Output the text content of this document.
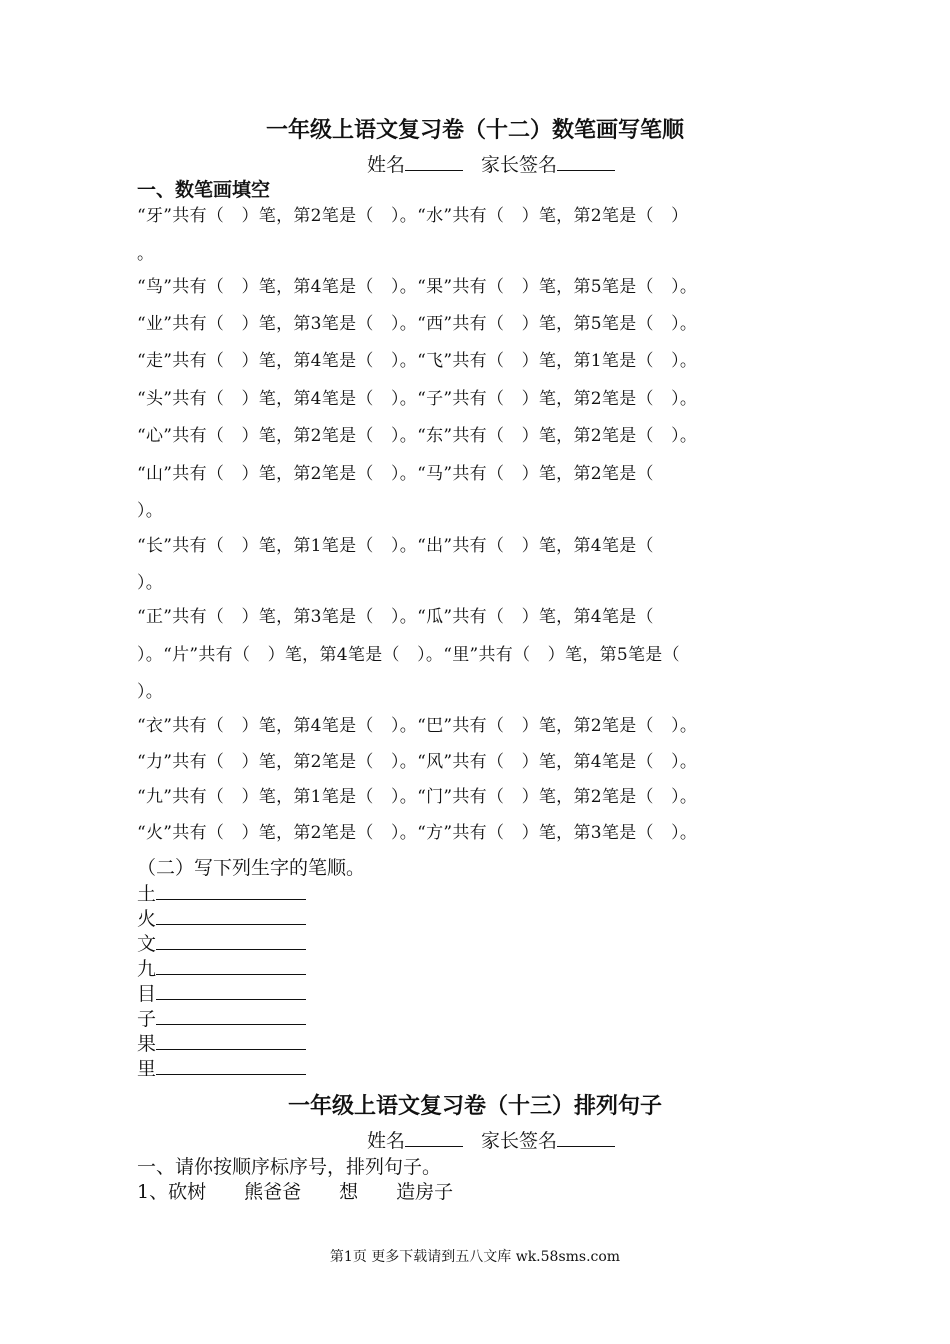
一年级上语文复习卷（十二）数笔画写笔顺
姓名	家长签名
一、数笔画填空
“牙”共有（　）笔，第2笔是（　）。“水”共有（　）笔，第2笔是（　）
。
“鸟”共有（　）笔，第4笔是（　）。“果”共有（　）笔，第5笔是（　）。
“业”共有（　）笔，第3笔是（　）。“西”共有（　）笔，第5笔是（　）。
“走”共有（　）笔，第4笔是（　）。“飞”共有（　）笔，第1笔是（　）。
“头”共有（　）笔，第4笔是（　）。“子”共有（　）笔，第2笔是（　）。
“心”共有（　）笔，第2笔是（　）。“东”共有（　）笔，第2笔是（　）。
“山”共有（　）笔，第2笔是（　）。“马”共有（　）笔，第2笔是（
）。
“长”共有（　）笔，第1笔是（　）。“出”共有（　）笔，第4笔是（
）。
“正”共有（　）笔，第3笔是（　）。“瓜”共有（　）笔，第4笔是（
）。“片”共有（　）笔，第4笔是（　）。“里”共有（　）笔，第5笔是（
）。
“衣”共有（　）笔，第4笔是（　）。“巴”共有（　）笔，第2笔是（　）。
“力”共有（　）笔，第2笔是（　）。“风”共有（　）笔，第4笔是（　）。
“九”共有（　）笔，第1笔是（　）。“门”共有（　）笔，第2笔是（　）。
“火”共有（　）笔，第2笔是（　）。“方”共有（　）笔，第3笔是（　）。
（二）写下列生字的笔顺。
土
火
文
九
目
子
果
里
一年级上语文复习卷（十三）排列句子
姓名	家长签名
一、请你按顺序标序号，排列句子。
1、砍树　　熊爸爸　　想　　造房子
第1页 更多下载请到五八文库 wk.58sms.com
